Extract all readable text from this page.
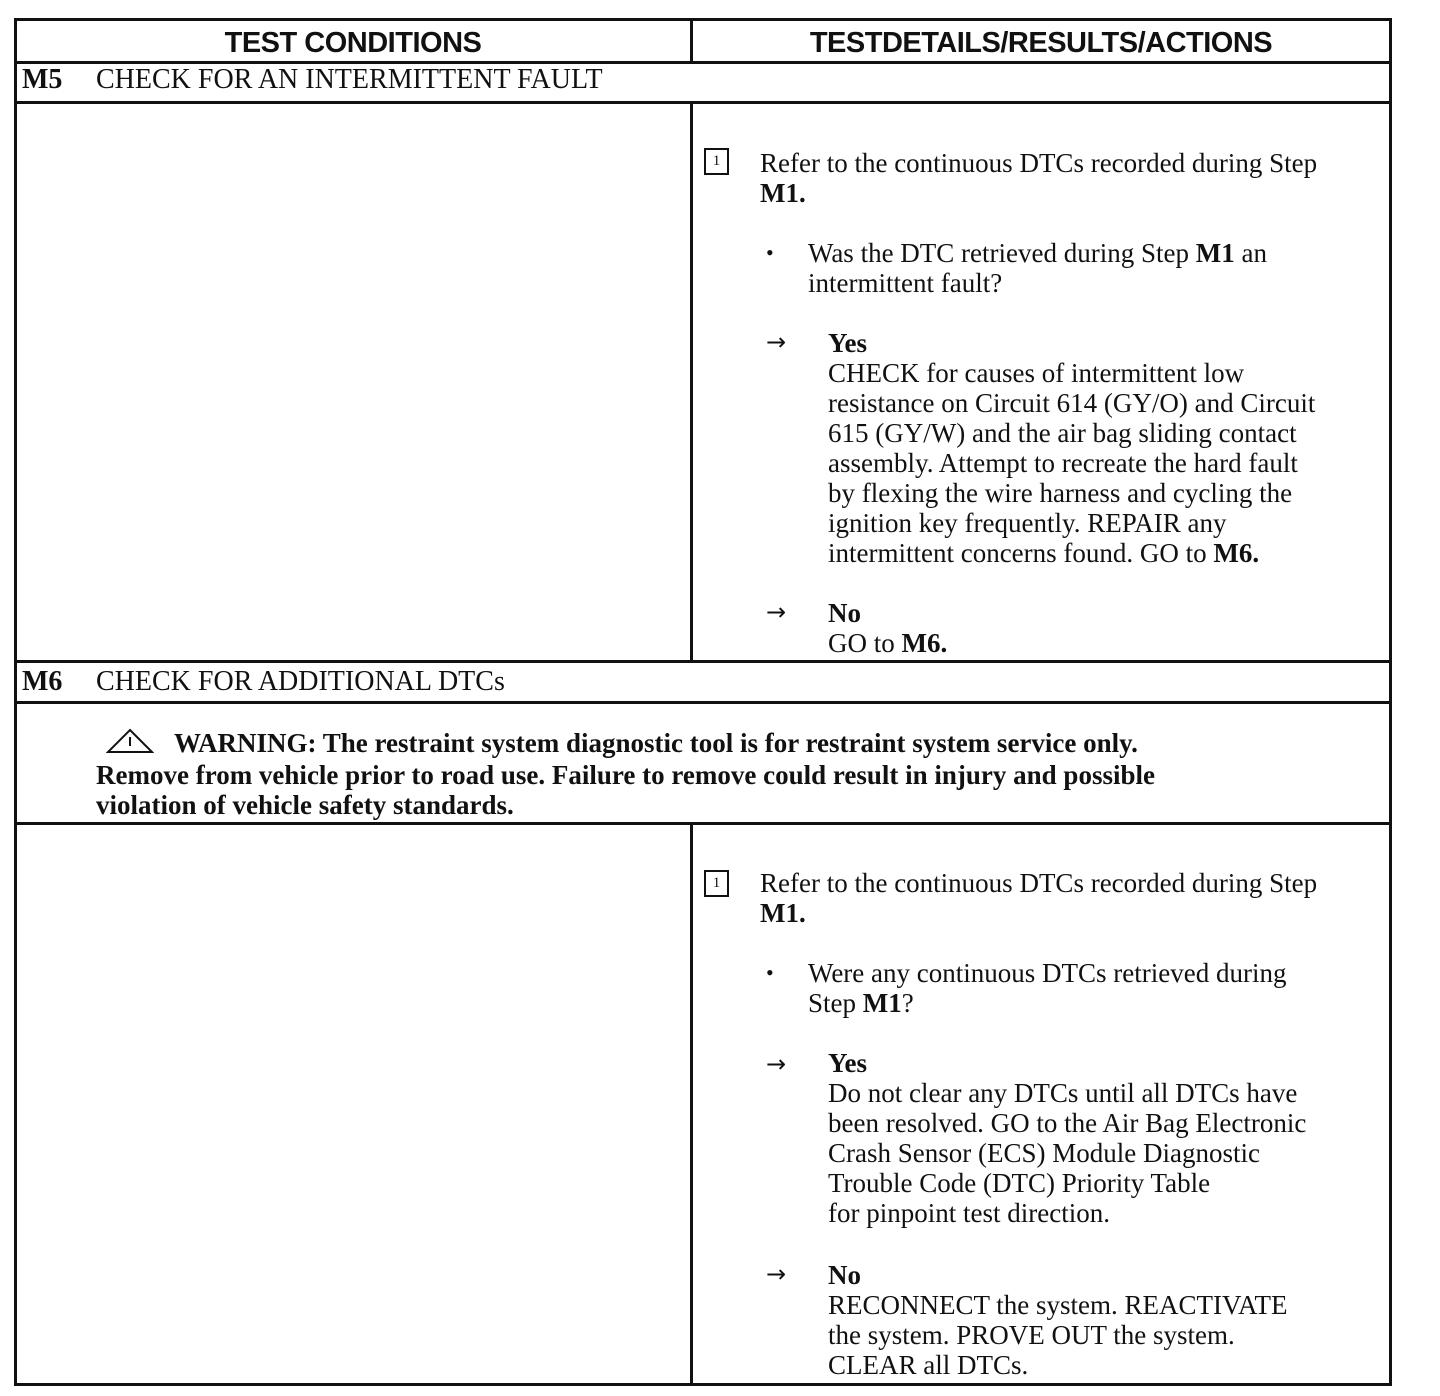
TEST CONDITIONS	TESTDETAILS/RESULTS/ACTIONS
M5	CHECK FOR AN INTERMITTENT FAULT
1 Refer to the continuous DTCs recorded during Step
M1.
• Was the DTC retrieved during Step M1 an
intermittent fault?
→ Yes
CHECK for causes of intermittent low
resistance on Circuit 614 (GY/O) and Circuit
615 (GY/W) and the air bag sliding contact
assembly. Attempt to recreate the hard fault
by flexing the wire harness and cycling the
ignition key frequently. REPAIR any
intermittent concerns found. GO to M6.
→ No
GO to M6.
M6	CHECK FOR ADDITIONAL DTCs
WARNING: The restraint system diagnostic tool is for restraint system service only.
Remove from vehicle prior to road use. Failure to remove could result in injury and possible
violation of vehicle safety standards.
1 Refer to the continuous DTCs recorded during Step
M1.
• Were any continuous DTCs retrieved during
Step M1?
→ Yes
Do not clear any DTCs until all DTCs have
been resolved. GO to the Air Bag Electronic
Crash Sensor (ECS) Module Diagnostic
Trouble Code (DTC) Priority Table
for pinpoint test direction.
→ No
RECONNECT the system. REACTIVATE
the system. PROVE OUT the system.
CLEAR all DTCs.
